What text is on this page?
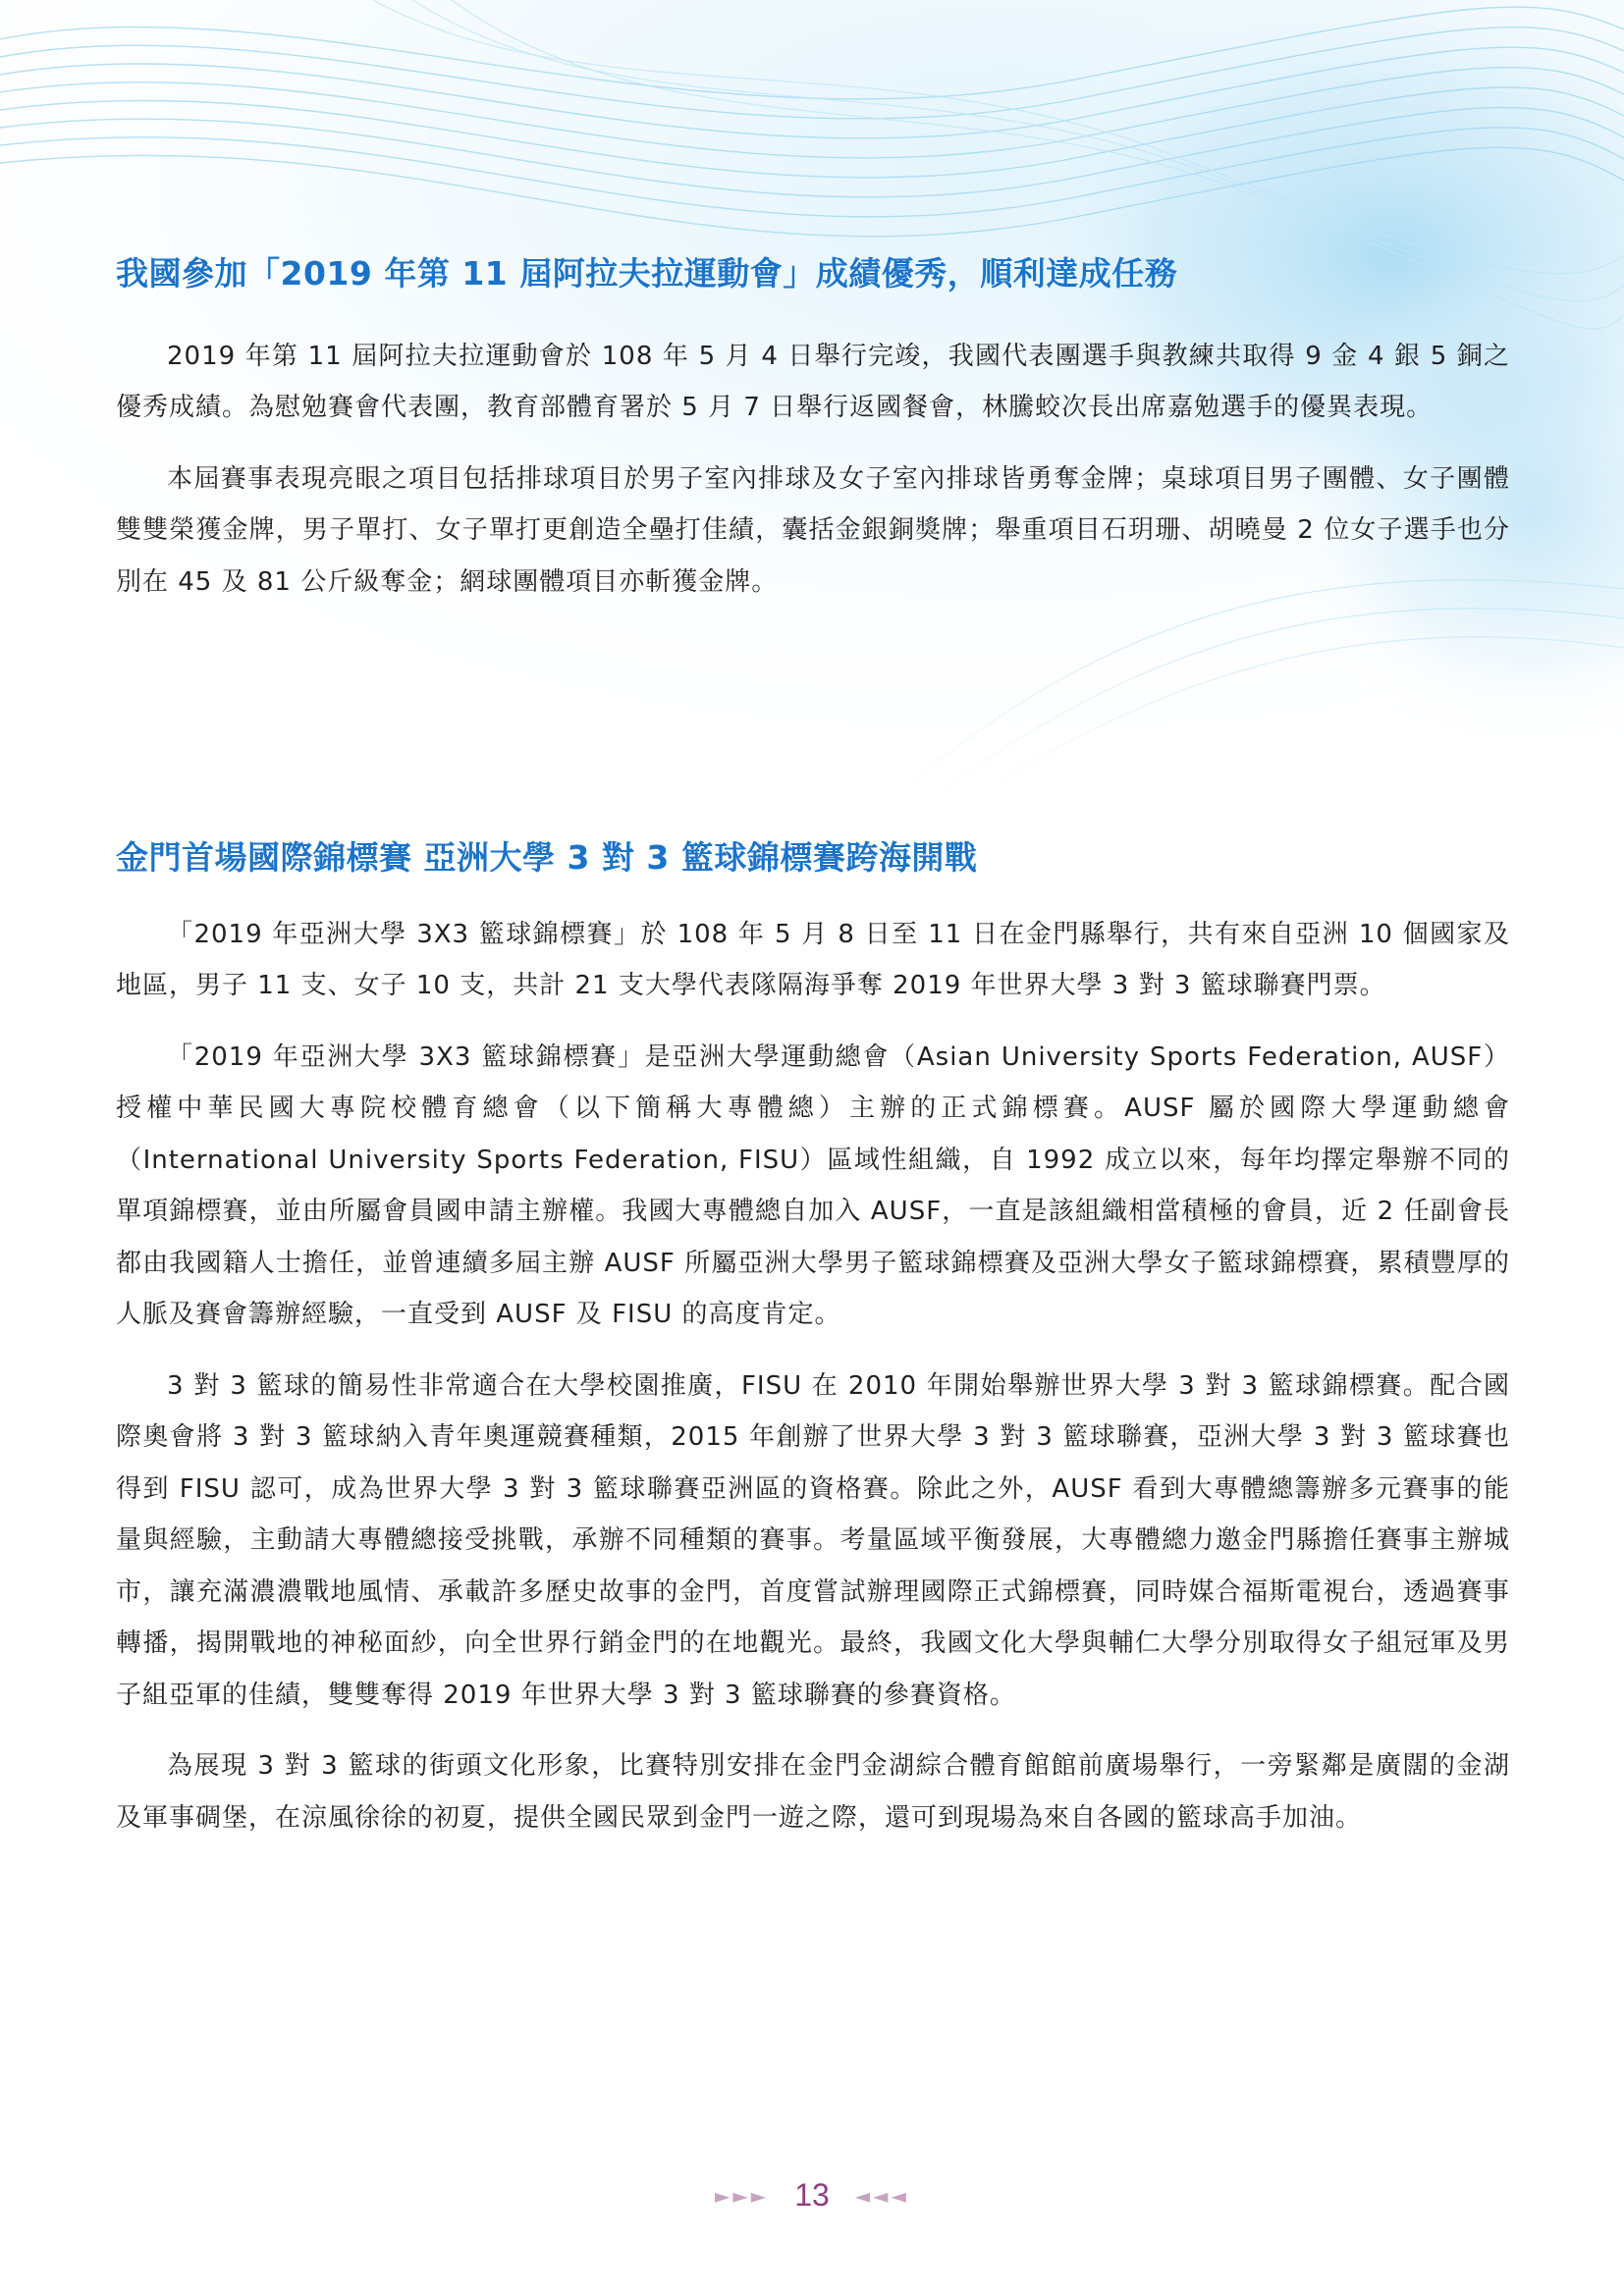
我國參加「2019 年第 11 屆阿拉夫拉運動會」成績優秀，順利達成任務

2019 年第 11 屆阿拉夫拉運動會於 108 年 5 月 4 日舉行完竣，我國代表團選手與教練共取得 9 金 4 銀 5 銅之優秀成績。為慰勉賽會代表團，教育部體育署於 5 月 7 日舉行返國餐會，林騰蛟次長出席嘉勉選手的優異表現。

本屆賽事表現亮眼之項目包括排球項目於男子室內排球及女子室內排球皆勇奪金牌；桌球項目男子團體、女子團體雙雙榮獲金牌，男子單打、女子單打更創造全壘打佳績，囊括金銀銅獎牌；舉重項目石玥珊、胡曉曼 2 位女子選手也分別在 45 及 81 公斤級奪金；網球團體項目亦斬獲金牌。

金門首場國際錦標賽 亞洲大學 3 對 3 籃球錦標賽跨海開戰

「2019 年亞洲大學 3X3 籃球錦標賽」於 108 年 5 月 8 日至 11 日在金門縣舉行，共有來自亞洲 10 個國家及地區，男子 11 支、女子 10 支，共計 21 支大學代表隊隔海爭奪 2019 年世界大學 3 對 3 籃球聯賽門票。

「2019 年亞洲大學 3X3 籃球錦標賽」是亞洲大學運動總會（Asian University Sports Federation, AUSF）授權中華民國大專院校體育總會（以下簡稱大專體總）主辦的正式錦標賽。AUSF 屬於國際大學運動總會（International University Sports Federation, FISU）區域性組織，自 1992 成立以來，每年均擇定舉辦不同的單項錦標賽，並由所屬會員國申請主辦權。我國大專體總自加入 AUSF，一直是該組織相當積極的會員，近 2 任副會長都由我國籍人士擔任，並曾連續多屆主辦 AUSF 所屬亞洲大學男子籃球錦標賽及亞洲大學女子籃球錦標賽，累積豐厚的人脈及賽會籌辦經驗，一直受到 AUSF 及 FISU 的高度肯定。

3 對 3 籃球的簡易性非常適合在大學校園推廣，FISU 在 2010 年開始舉辦世界大學 3 對 3 籃球錦標賽。配合國際奧會將 3 對 3 籃球納入青年奧運競賽種類，2015 年創辦了世界大學 3 對 3 籃球聯賽，亞洲大學 3 對 3 籃球賽也得到 FISU 認可，成為世界大學 3 對 3 籃球聯賽亞洲區的資格賽。除此之外，AUSF 看到大專體總籌辦多元賽事的能量與經驗，主動請大專體總接受挑戰，承辦不同種類的賽事。考量區域平衡發展，大專體總力邀金門縣擔任賽事主辦城市，讓充滿濃濃戰地風情、承載許多歷史故事的金門，首度嘗試辦理國際正式錦標賽，同時媒合福斯電視台，透過賽事轉播，揭開戰地的神秘面紗，向全世界行銷金門的在地觀光。最終，我國文化大學與輔仁大學分別取得女子組冠軍及男子組亞軍的佳績，雙雙奪得 2019 年世界大學 3 對 3 籃球聯賽的參賽資格。

為展現 3 對 3 籃球的街頭文化形象，比賽特別安排在金門金湖綜合體育館館前廣場舉行，一旁緊鄰是廣闊的金湖及軍事碉堡，在涼風徐徐的初夏，提供全國民眾到金門一遊之際，還可到現場為來自各國的籃球高手加油。

►►► 13 ◄◄◄
